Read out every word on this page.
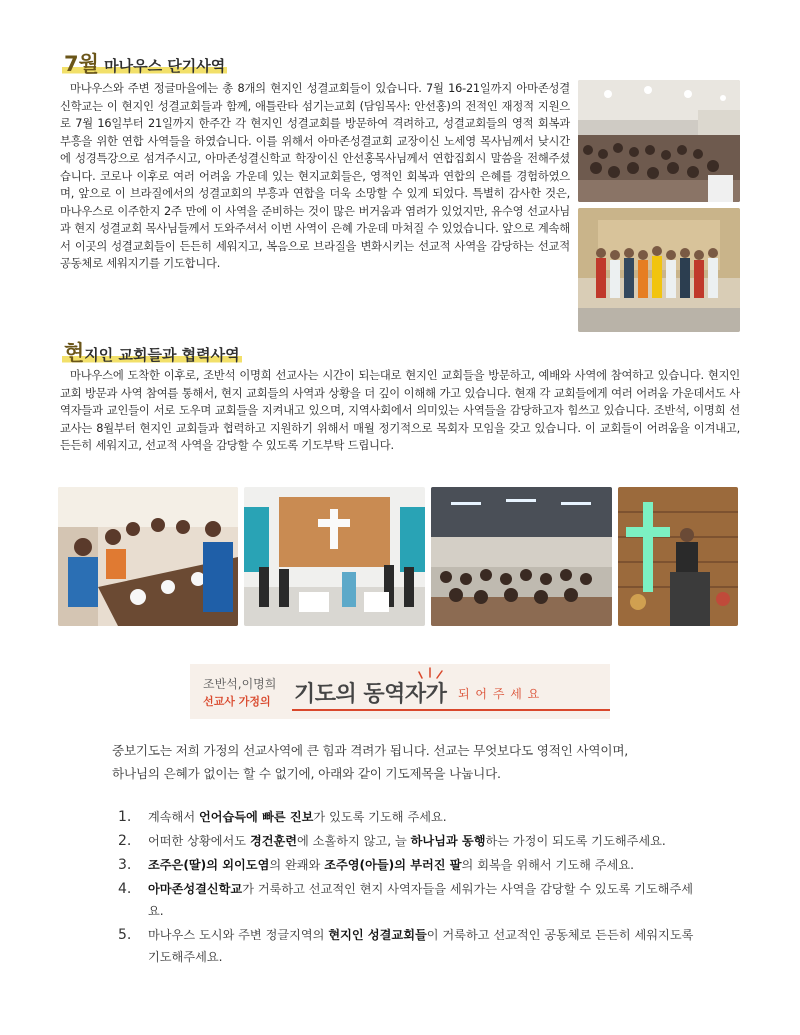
7월 마나우스 단기사역
마나우스와 주변 정글마을에는 총 8개의 현지인 성결교회들이 있습니다. 7월 16-21일까지 아마존성결신학교는 이 현지인 성결교회들과 함께, 애틀란타 섬기는교회 (담임목사: 안선홍)의 전적인 재정적 지원으로 7월 16일부터 21일까지 한주간 각 현지인 성결교회를 방문하여 격려하고, 성결교회들의 영적 회복과 부흥을 위한 연합 사역들을 하였습니다. 이를 위해서 아마존성결교회 교장이신 노세영 목사님께서 낮시간에 성경특강으로 섬겨주시고, 아마존성결신학교 학장이신 안선홍목사님께서 연합집회시 말씀을 전해주셨습니다. 코로나 이후로 여러 어려움 가운데 있는 현지교회들은, 영적인 회복과 연합의 은혜를 경험하였으며, 앞으로 이 브라질에서의 성결교회의 부흥과 연합을 더욱 소망할 수 있게 되었다. 특별히 감사한 것은, 마나우스로 이주한지 2주 만에 이 사역을 준비하는 것이 많은 버거움과 염려가 있었지만, 유수영 선교사님과 현지 성결교회 목사님들께서 도와주셔서 이번 사역이 은혜 가운데 마쳐질 수 있었습니다. 앞으로 계속해서 이곳의 성결교회들이 든든히 세워지고, 복음으로 브라질을 변화시키는 선교적 사역을 감당하는 선교적 공동체로 세워지기를 기도합니다.
현지인 교회들과 협력사역
마나우스에 도착한 이후로, 조반석 이명희 선교사는 시간이 되는대로 현지인 교회들을 방문하고, 예배와 사역에 참여하고 있습니다. 현지인 교회 방문과 사역 참여를 통해서, 현지 교회들의 사역과 상황을 더 깊이 이해해 가고 있습니다. 현재 각 교회들에게 여러 어려움 가운데서도 사역자들과 교인들이 서로 도우며 교회들을 지켜내고 있으며, 지역사회에서 의미있는 사역들을 감당하고자 힘쓰고 있습니다. 조반석, 이명희 선교사는 8월부터 현지인 교회들과 협력하고 지원하기 위해서 매월 정기적으로 목회자 모임을 갖고 있습니다. 이 교회들이 어려움을 이겨내고, 든든히 세워지고, 선교적 사역을 감당할 수 있도록 기도부탁 드립니다.
조반석,이명희
선교사 가정의 기도의 동역자가 되 어 주 세 요
중보기도는 저희 가정의 선교사역에 큰 힘과 격려가 됩니다. 선교는 무엇보다도 영적인 사역이며,
하나님의 은혜가 없이는 할 수 없기에, 아래와 같이 기도제목을 나눕니다.
1.	계속해서 언어습득에 빠른 진보가 있도록 기도해 주세요.
2.	어떠한 상황에서도 경건훈련에 소홀하지 않고, 늘 하나님과 동행하는 가정이 되도록 기도해주세요.
3.	조주은(딸)의 외이도염의 완쾌와 조주영(아들)의 부러진 팔의 회복을 위해서 기도해 주세요.
4.	아마존성결신학교가 거룩하고 선교적인 현지 사역자들을 세워가는 사역을 감당할 수 있도록 기도해주세요.
5.	마나우스 도시와 주변 정글지역의 현지인 성결교회들이 거룩하고 선교적인 공동체로 든든히 세워지도록 기도해주세요.
